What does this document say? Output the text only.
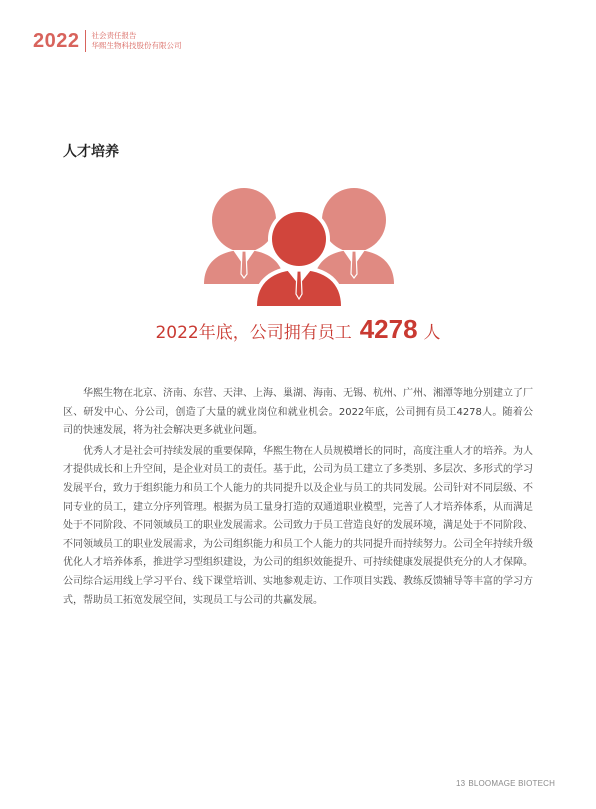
2022 社会责任报告
华熙生物科技股份有限公司
人才培养
2022年底，公司拥有员工 4278 人

华熙生物在北京、济南、东营、天津、上海、巢湖、海南、无锡、杭州、广州、湘潭等地分别建立了厂区、研发中心、分公司，创造了大量的就业岗位和就业机会。2022年底，公司拥有员工4278人。随着公司的快速发展，将为社会解决更多就业问题。

优秀人才是社会可持续发展的重要保障，华熙生物在人员规模增长的同时，高度注重人才的培养。为人才提供成长和上升空间，是企业对员工的责任。基于此，公司为员工建立了多类别、多层次、多形式的学习发展平台，致力于组织能力和员工个人能力的共同提升以及企业与员工的共同发展。公司针对不同层级、不同专业的员工，建立分序列管理。根据为员工量身打造的双通道职业模型，完善了人才培养体系，从而满足处于不同阶段、不同领域员工的职业发展需求。公司致力于员工营造良好的发展环境，满足处于不同阶段、不同领域员工的职业发展需求，为公司组织能力和员工个人能力的共同提升而持续努力。公司全年持续升级优化人才培养体系，推进学习型组织建设，为公司的组织效能提升、可持续健康发展提供充分的人才保障。公司综合运用线上学习平台、线下课堂培训、实地参观走访、工作项目实践、教练反馈辅导等丰富的学习方式，帮助员工拓宽发展空间，实现员工与公司的共赢发展。

13 BLOOMAGE BIOTECH
